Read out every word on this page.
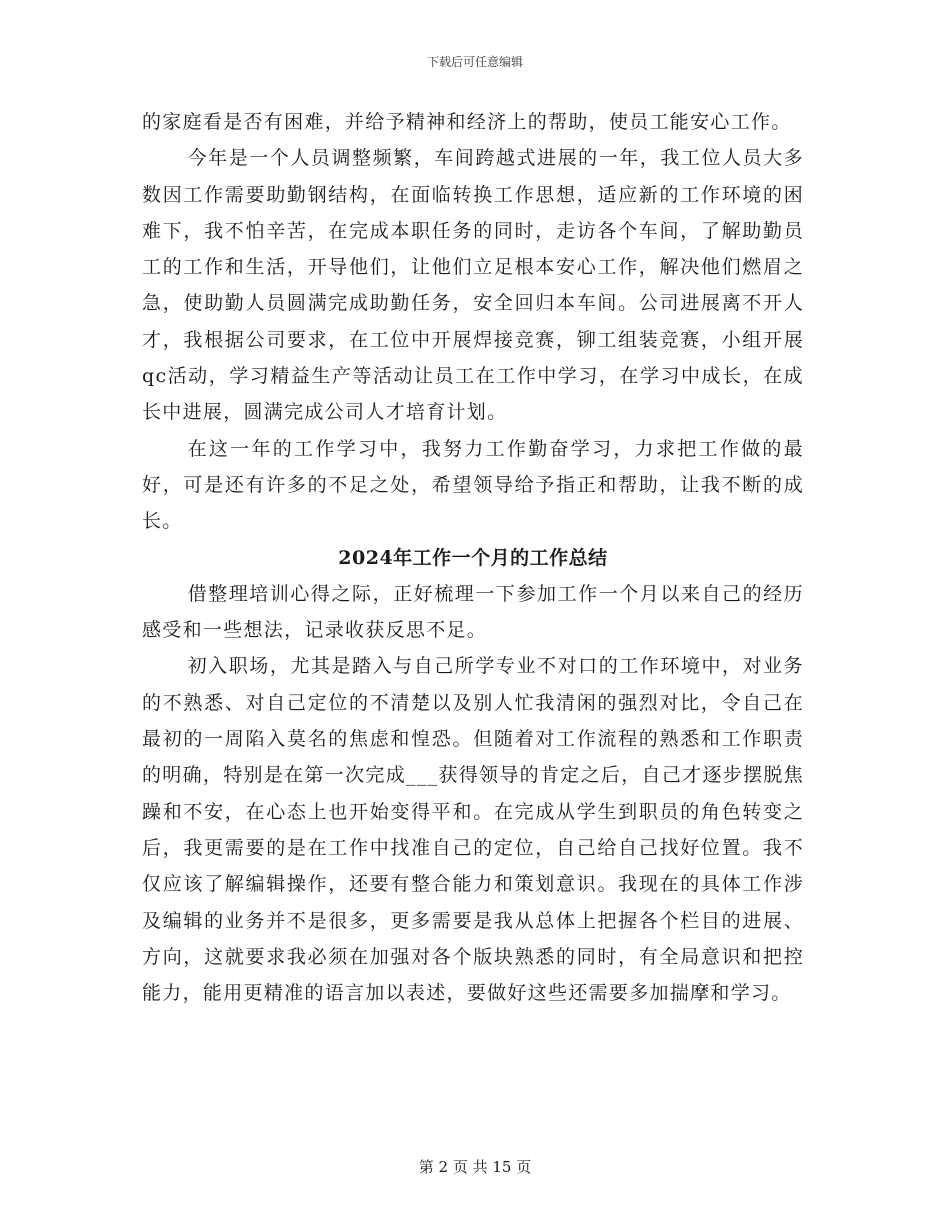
下载后可任意编辑

的家庭看是否有困难，并给予精神和经济上的帮助，使员工能安心工作。

今年是一个人员调整频繁，车间跨越式进展的一年，我工位人员大多数因工作需要助勤钢结构，在面临转换工作思想，适应新的工作环境的困难下，我不怕辛苦，在完成本职任务的同时，走访各个车间，了解助勤员工的工作和生活，开导他们，让他们立足根本安心工作，解决他们燃眉之急，使助勤人员圆满完成助勤任务，安全回归本车间。公司进展离不开人才，我根据公司要求，在工位中开展焊接竞赛，铆工组装竞赛，小组开展qc活动，学习精益生产等活动让员工在工作中学习，在学习中成长，在成长中进展，圆满完成公司人才培育计划。

在这一年的工作学习中，我努力工作勤奋学习，力求把工作做的最好，可是还有许多的不足之处，希望领导给予指正和帮助，让我不断的成长。

2024年工作一个月的工作总结

借整理培训心得之际，正好梳理一下参加工作一个月以来自己的经历感受和一些想法，记录收获反思不足。

初入职场，尤其是踏入与自己所学专业不对口的工作环境中，对业务的不熟悉、对自己定位的不清楚以及别人忙我清闲的强烈对比，令自己在最初的一周陷入莫名的焦虑和惶恐。但随着对工作流程的熟悉和工作职责的明确，特别是在第一次完成___获得领导的肯定之后，自己才逐步摆脱焦躁和不安，在心态上也开始变得平和。在完成从学生到职员的角色转变之后，我更需要的是在工作中找准自己的定位，自己给自己找好位置。我不仅应该了解编辑操作，还要有整合能力和策划意识。我现在的具体工作涉及编辑的业务并不是很多，更多需要是我从总体上把握各个栏目的进展、方向，这就要求我必须在加强对各个版块熟悉的同时，有全局意识和把控能力，能用更精准的语言加以表述，要做好这些还需要多加揣摩和学习。

第 2 页 共 15 页
